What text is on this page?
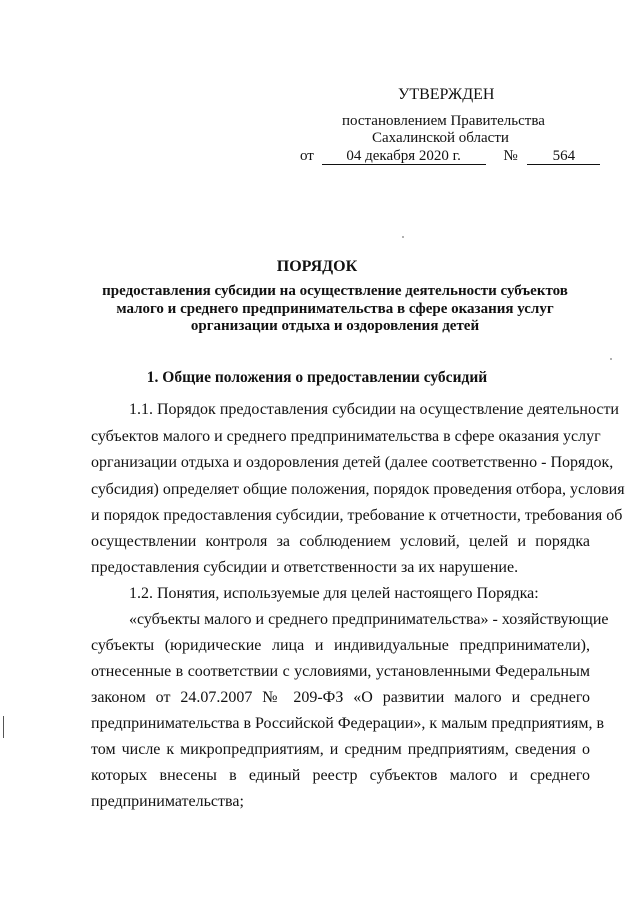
УТВЕРЖДЕН
постановлением Правительства
Сахалинской области
от 04 декабря 2020 г.	№ 564
ПОРЯДОК
предоставления субсидии на осуществление деятельности субъектов
малого и среднего предпринимательства в сфере оказания услуг
организации отдыха и оздоровления детей
1. Общие положения о предоставлении субсидий
1.1. Порядок предоставления субсидии на осуществление деятельности
субъектов малого и среднего предпринимательства в сфере оказания услуг
организации отдыха и оздоровления детей (далее соответственно - Порядок,
субсидия) определяет общие положения, порядок проведения отбора, условия
и порядок предоставления субсидии, требование к отчетности, требования об
осуществлении контроля за соблюдением условий, целей и порядка
предоставления субсидии и ответственности за их нарушение.
1.2. Понятия, используемые для целей настоящего Порядка:
«субъекты малого и среднего предпринимательства» - хозяйствующие
субъекты (юридические лица и индивидуальные предприниматели),
отнесенные в соответствии с условиями, установленными Федеральным
законом от 24.07.2007 № 209-ФЗ «О развитии малого и среднего
предпринимательства в Российской Федерации», к малым предприятиям, в
том числе к микропредприятиям, и средним предприятиям, сведения о
которых внесены в единый реестр субъектов малого и среднего
предпринимательства;
